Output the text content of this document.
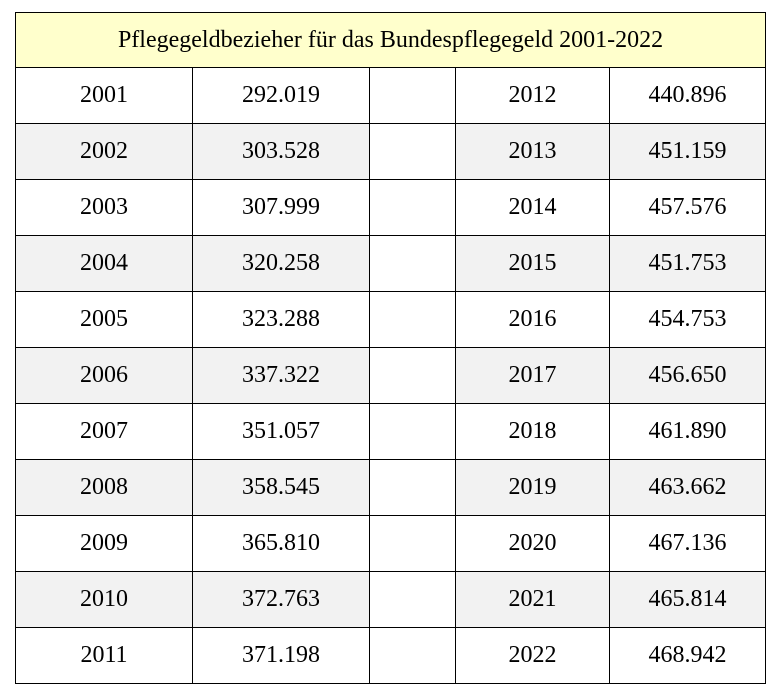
Pflegegeldbezieher für das Bundespflegegeld 2001-2022				
2001	292.019		2012	440.896
2002	303.528		2013	451.159
2003	307.999		2014	457.576
2004	320.258		2015	451.753
2005	323.288		2016	454.753
2006	337.322		2017	456.650
2007	351.057		2018	461.890
2008	358.545		2019	463.662
2009	365.810		2020	467.136
2010	372.763		2021	465.814
2011	371.198		2022	468.942
